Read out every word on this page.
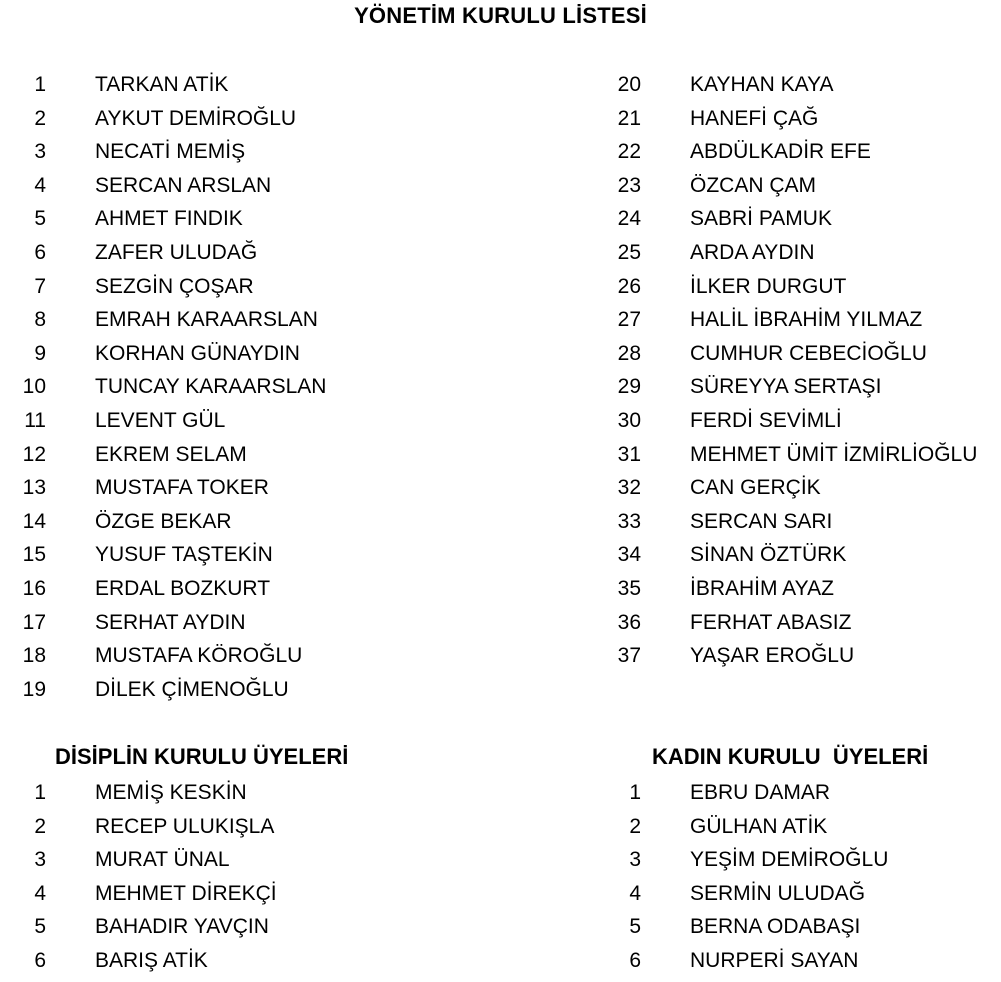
YÖNETİM KURULU LİSTESİ
1 TARKAN ATİK
2 AYKUT DEMİROĞLU
3 NECATİ MEMİŞ
4 SERCAN ARSLAN
5 AHMET FINDIK
6 ZAFER ULUDAĞ
7 SEZGİN ÇOŞAR
8 EMRAH KARAARSLAN
9 KORHAN GÜNAYDIN
10 TUNCAY KARAARSLAN
11 LEVENT GÜL
12 EKREM SELAM
13 MUSTAFA TOKER
14 ÖZGE BEKAR
15 YUSUF TAŞTEKİN
16 ERDAL BOZKURT
17 SERHAT AYDIN
18 MUSTAFA KÖROĞLU
19 DİLEK ÇİMENOĞLU
20 KAYHAN KAYA
21 HANEFİ ÇAĞ
22 ABDÜLKADİR EFE
23 ÖZCAN ÇAM
24 SABRİ PAMUK
25 ARDA AYDIN
26 İLKER DURGUT
27 HALİL İBRAHİM YILMAZ
28 CUMHUR CEBECİOĞLU
29 SÜREYYA SERTAŞI
30 FERDİ SEVİMLİ
31 MEHMET ÜMİT İZMİRLİOĞLU
32 CAN GERÇİK
33 SERCAN SARI
34 SİNAN ÖZTÜRK
35 İBRAHİM AYAZ
36 FERHAT ABASIZ
37 YAŞAR EROĞLU
DİSİPLİN KURULU ÜYELERİ	KADIN KURULU  ÜYELERİ
1 MEMİŞ KESKİN
2 RECEP ULUKIŞLA
3 MURAT ÜNAL
4 MEHMET DİREKÇİ
5 BAHADIR YAVÇIN
6 BARIŞ ATİK
1 EBRU DAMAR
2 GÜLHAN ATİK
3 YEŞİM DEMİROĞLU
4 SERMİN ULUDAĞ
5 BERNA ODABAŞI
6 NURPERİ SAYAN
